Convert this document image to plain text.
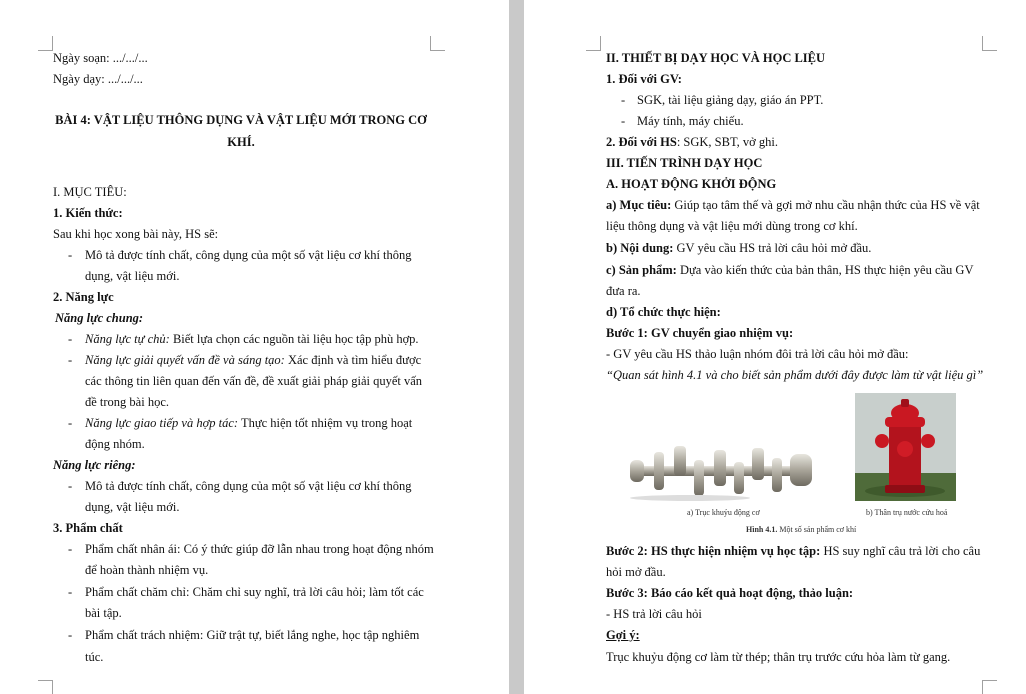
Ngày soạn: .../.../...
Ngày dạy: .../.../...
BÀI 4: VẬT LIỆU THÔNG DỤNG VÀ VẬT LIỆU MỚI TRONG CƠ
KHÍ.
I. MỤC TIÊU:
1. Kiến thức:
Sau khi học xong bài này, HS sẽ:
- Mô tả được tính chất, công dụng của một số vật liệu cơ khí thông
dụng, vật liệu mới.
2. Năng lực
Năng lực chung:
- Năng lực tự chủ: Biết lựa chọn các nguồn tài liệu học tập phù hợp.
- Năng lực giải quyết vấn đề và sáng tạo: Xác định và tìm hiểu được
các thông tin liên quan đến vấn đề, đề xuất giải pháp giải quyết vấn
đề trong bài học.
- Năng lực giao tiếp và hợp tác: Thực hiện tốt nhiệm vụ trong hoạt
động nhóm.
Năng lực riêng:
- Mô tả được tính chất, công dụng của một số vật liệu cơ khí thông
dụng, vật liệu mới.
3. Phẩm chất
- Phẩm chất nhân ái: Có ý thức giúp đỡ lẫn nhau trong hoạt động nhóm
để hoàn thành nhiệm vụ.
- Phẩm chất chăm chỉ: Chăm chỉ suy nghĩ, trả lời câu hỏi; làm tốt các
bài tập.
- Phẩm chất trách nhiệm: Giữ trật tự, biết lắng nghe, học tập nghiêm
túc.
II. THIẾT BỊ DẠY HỌC VÀ HỌC LIỆU
1. Đối với GV:
- SGK, tài liệu giảng dạy, giáo án PPT.
- Máy tính, máy chiếu.
2. Đối với HS: SGK, SBT, vở ghi.
III. TIẾN TRÌNH DẠY HỌC
A. HOẠT ĐỘNG KHỞI ĐỘNG
a) Mục tiêu: Giúp tạo tâm thế và gợi mở nhu cầu nhận thức của HS về vật
liệu thông dụng và vật liệu mới dùng trong cơ khí.
b) Nội dung: GV yêu cầu HS trả lời câu hỏi mở đầu.
c) Sản phẩm: Dựa vào kiến thức của bản thân, HS thực hiện yêu cầu GV
đưa ra.
d) Tổ chức thực hiện:
Bước 1: GV chuyển giao nhiệm vụ:
- GV yêu cầu HS thảo luận nhóm đôi trả lời câu hỏi mở đầu:
“Quan sát hình 4.1 và cho biết sản phẩm dưới đây được làm từ vật liệu gì”
a) Trục khuỷu động cơ	b) Thân trụ nước cứu hoả
Hình 4.1. Một số sản phẩm cơ khí
Bước 2: HS thực hiện nhiệm vụ học tập: HS suy nghĩ câu trả lời cho câu
hỏi mở đầu.
Bước 3: Báo cáo kết quả hoạt động, thảo luận:
- HS trả lời câu hỏi
Gợi ý:
Trục khuỷu động cơ làm từ thép; thân trụ trước cứu hỏa làm từ gang.
